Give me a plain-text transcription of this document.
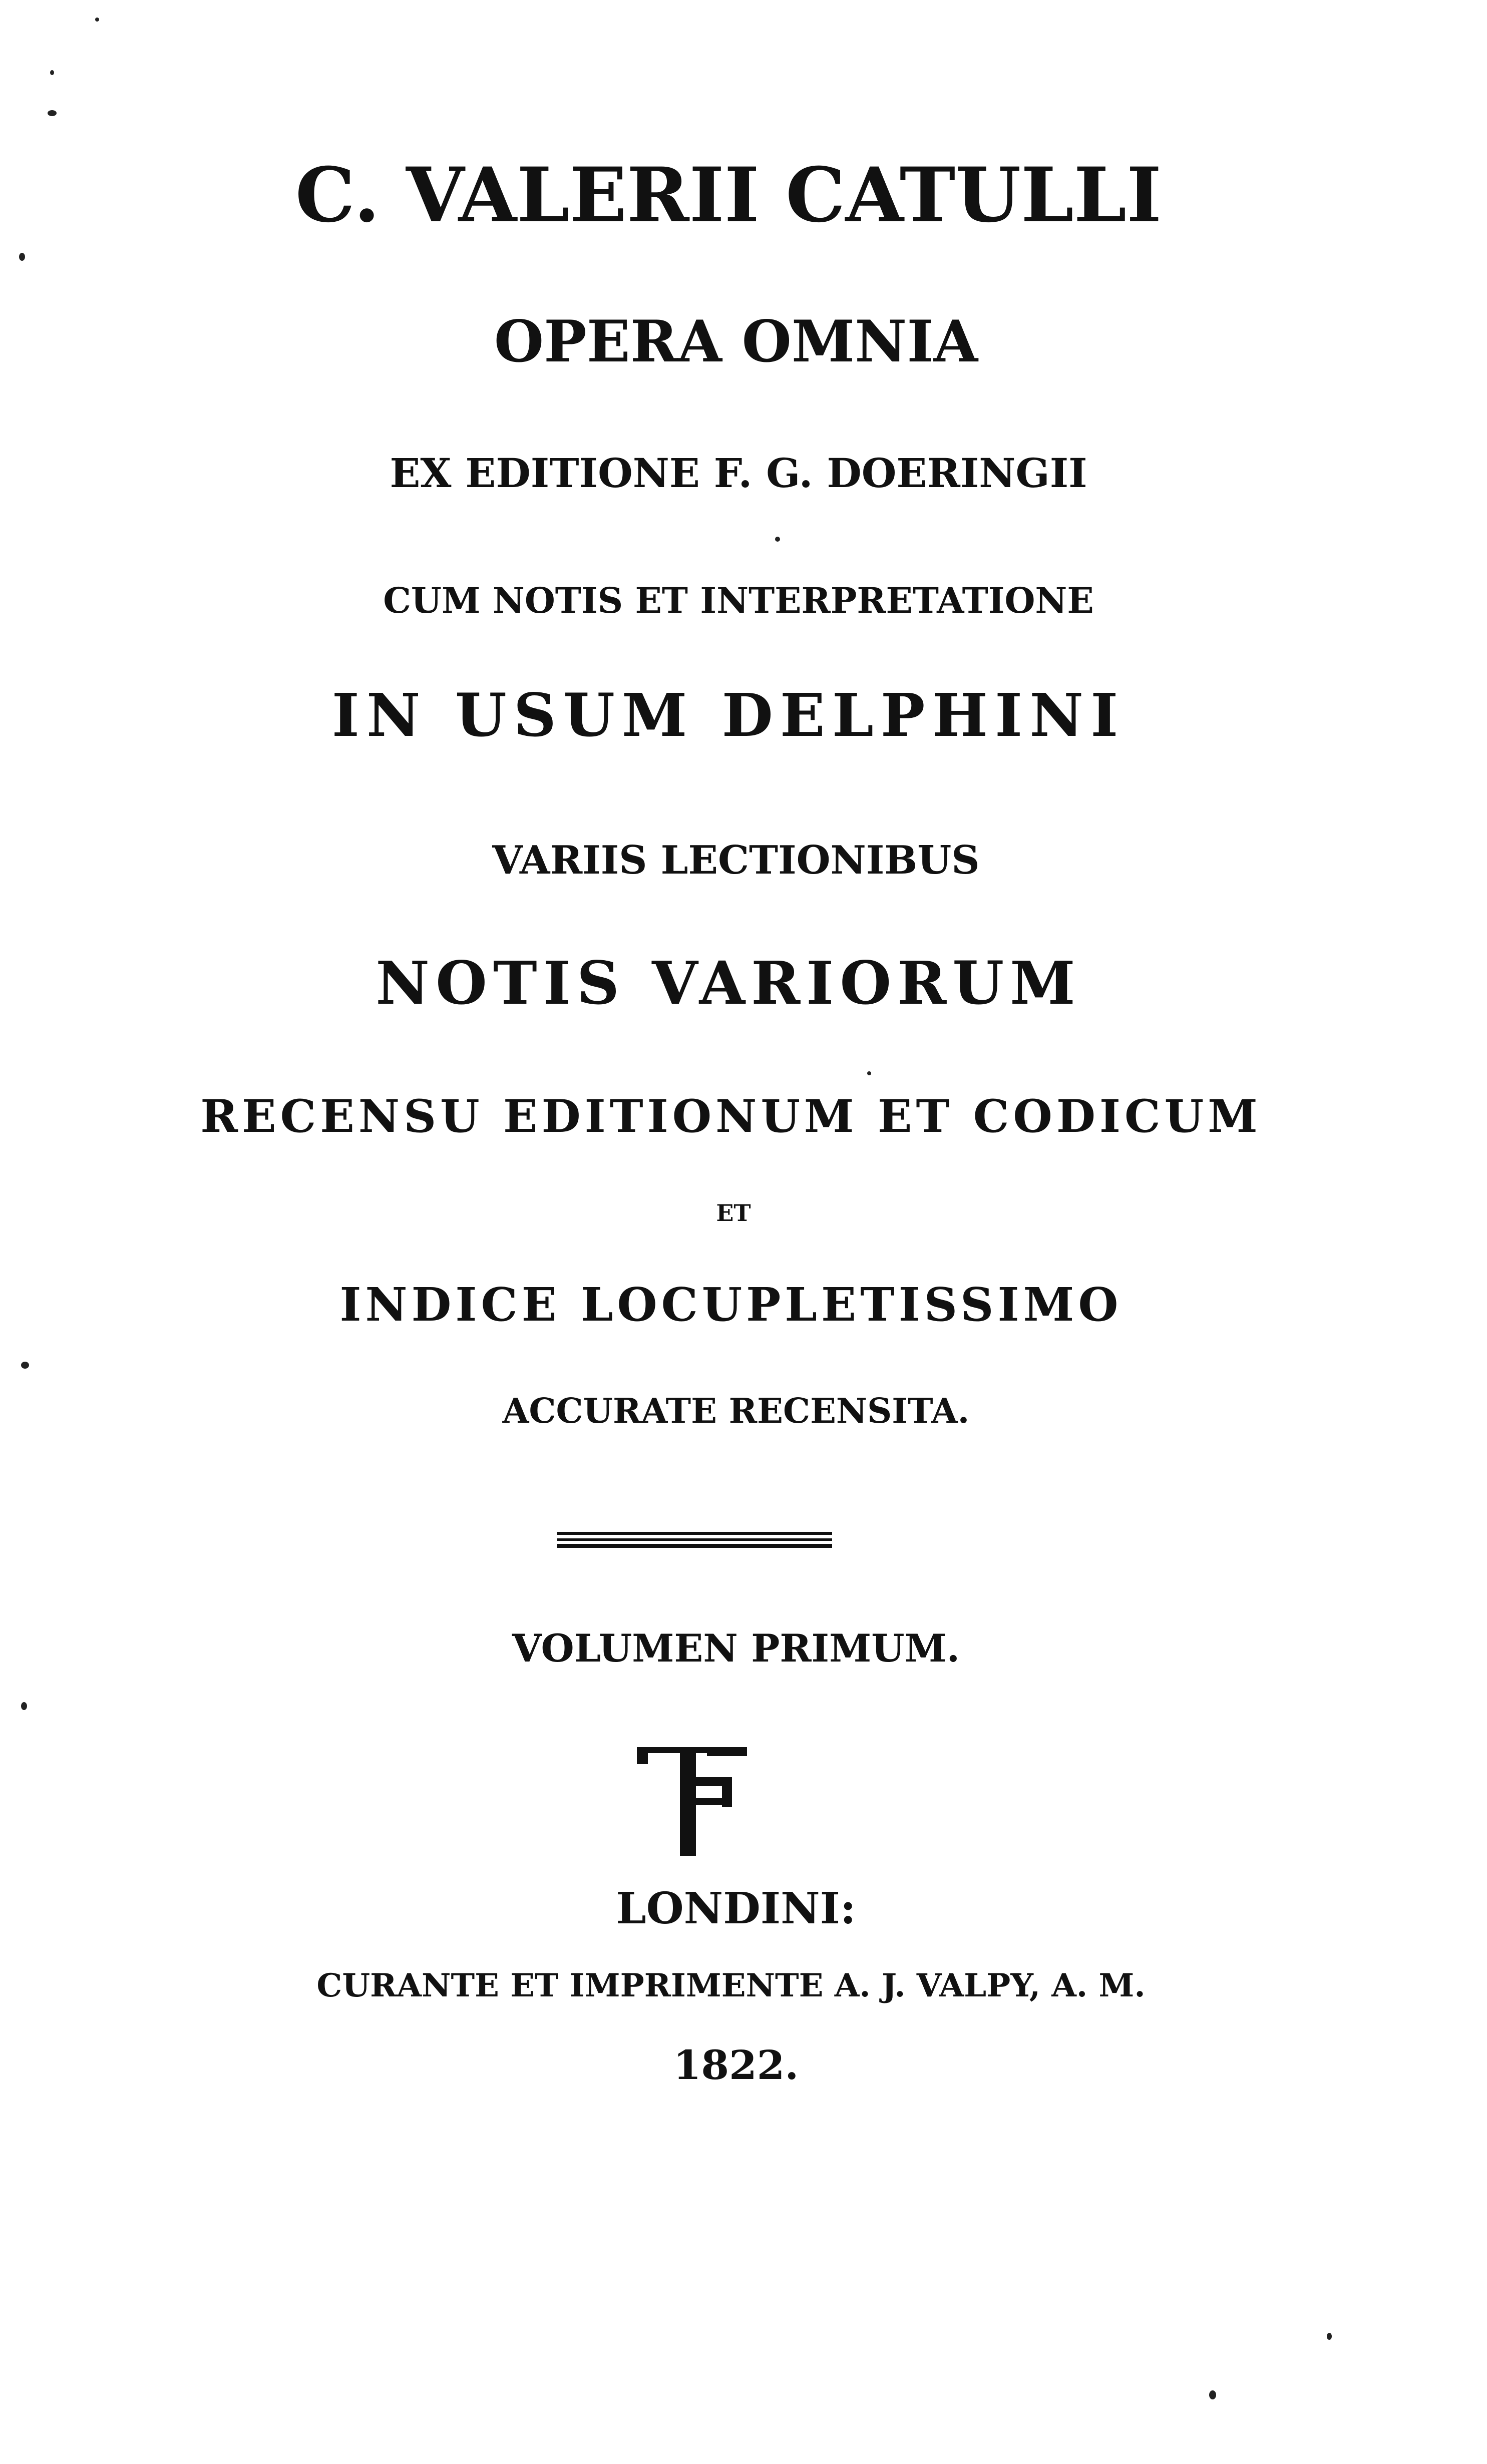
C. VALERII CATULLI
OPERA OMNIA
EX EDITIONE F. G. DOERINGII
CUM NOTIS ET INTERPRETATIONE
IN USUM DELPHINI
VARIIS LECTIONIBUS
NOTIS VARIORUM
RECENSU EDITIONUM ET CODICUM
ET
INDICE LOCUPLETISSIMO
ACCURATE RECENSITA.
VOLUMEN PRIMUM.
LONDINI:
CURANTE ET IMPRIMENTE A. J. VALPY, A. M.
1822.
